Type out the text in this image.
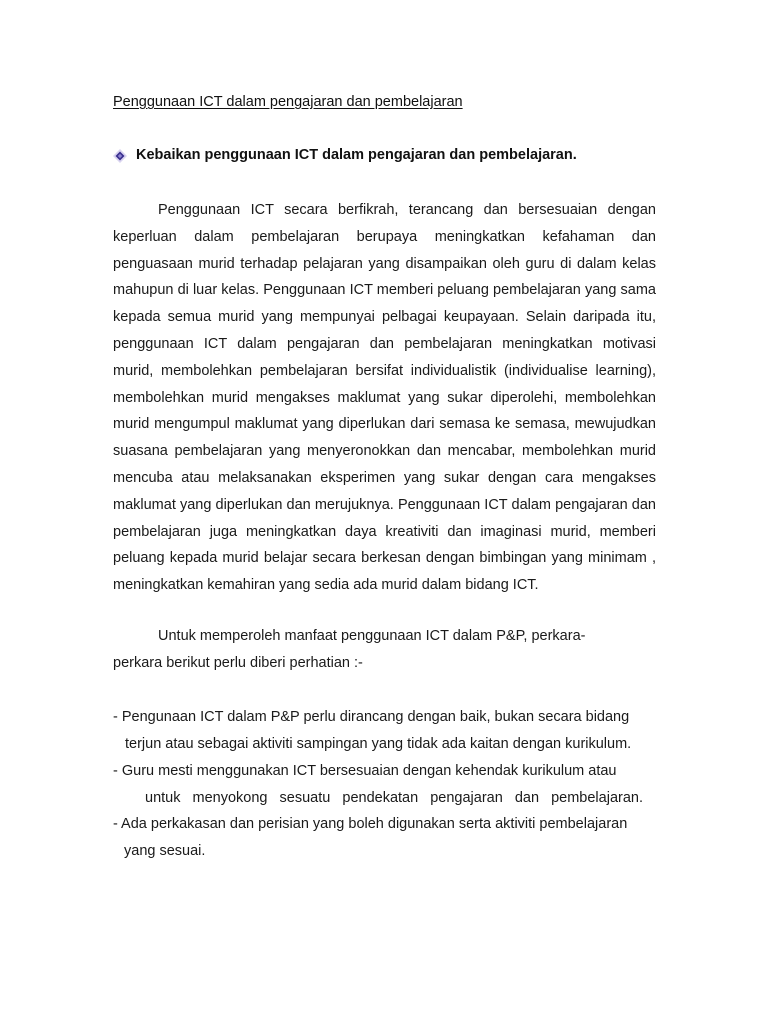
Penggunaan ICT dalam pengajaran dan pembelajaran
Kebaikan penggunaan ICT dalam pengajaran dan pembelajaran.

Penggunaan ICT secara berfikrah, terancang dan bersesuaian dengan keperluan dalam pembelajaran berupaya meningkatkan kefahaman dan penguasaan murid terhadap pelajaran yang disampaikan oleh guru di dalam kelas mahupun di luar kelas. Penggunaan ICT memberi peluang pembelajaran yang sama kepada semua murid yang mempunyai pelbagai keupayaan. Selain daripada itu, penggunaan ICT dalam pengajaran dan pembelajaran meningkatkan motivasi murid, membolehkan pembelajaran bersifat individualistik (individualise learning), membolehkan murid mengakses maklumat yang sukar diperolehi, membolehkan murid mengumpul maklumat yang diperlukan dari semasa ke semasa, mewujudkan suasana pembelajaran yang menyeronokkan dan mencabar, membolehkan murid mencuba atau melaksanakan eksperimen yang sukar dengan cara mengakses maklumat yang diperlukan dan merujuknya. Penggunaan ICT dalam pengajaran dan pembelajaran juga meningkatkan daya kreativiti dan imaginasi murid, memberi peluang kepada murid belajar secara berkesan dengan bimbingan yang minimam , meningkatkan kemahiran yang sedia ada murid dalam bidang ICT.

Untuk memperoleh manfaat penggunaan ICT dalam P&P, perkara-
perkara berikut perlu diberi perhatian :-
- Pengunaan ICT dalam P&P perlu dirancang dengan baik, bukan secara bidang
terjun atau sebagai aktiviti sampingan yang tidak ada kaitan dengan kurikulum.
- Guru mesti menggunakan ICT bersesuaian dengan kehendak kurikulum atau
untuk menyokong sesuatu pendekatan pengajaran dan pembelajaran.
- Ada perkakasan dan perisian yang boleh digunakan serta aktiviti pembelajaran
yang sesuai.
